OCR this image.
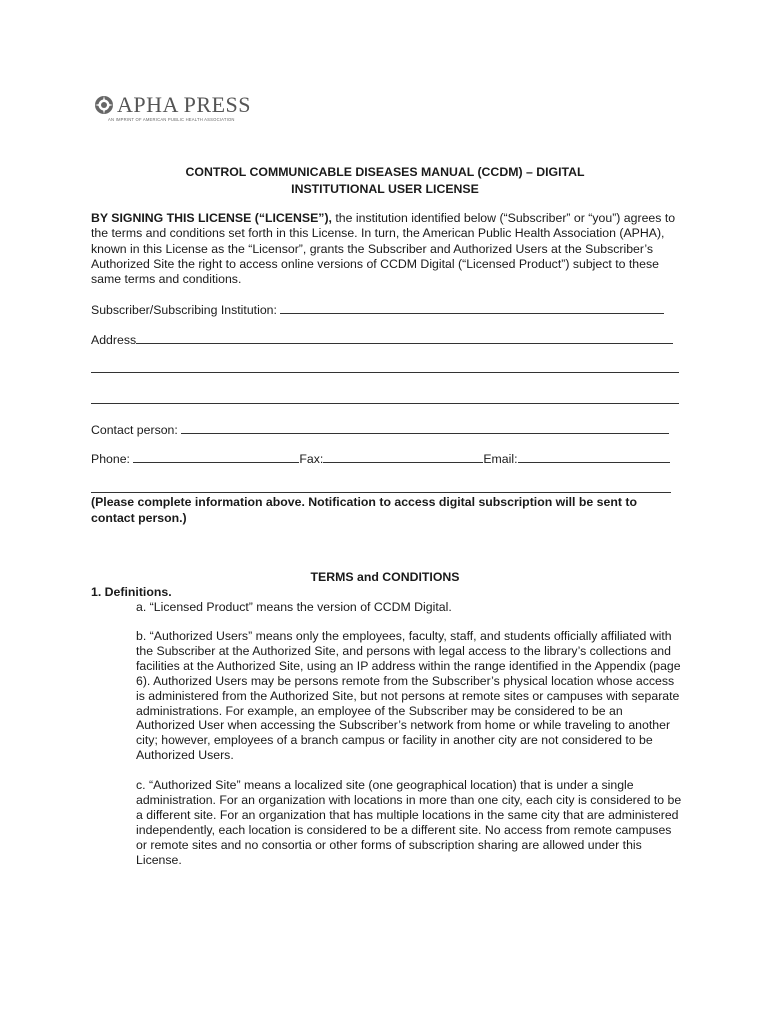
APHA PRESS
AN IMPRINT OF AMERICAN PUBLIC HEALTH ASSOCIATION
CONTROL COMMUNICABLE DISEASES MANUAL (CCDM) – DIGITAL
INSTITUTIONAL USER LICENSE
BY SIGNING THIS LICENSE (“LICENSE”), the institution identified below (“Subscriber” or “you”) agrees to the terms and conditions set forth in this License. In turn, the American Public Health Association (APHA), known in this License as the “Licensor”, grants the Subscriber and Authorized Users at the Subscriber’s Authorized Site the right to access online versions of CCDM Digital (“Licensed Product”) subject to these same terms and conditions.
Subscriber/Subscribing Institution:
Address
Contact person:
Phone:	Fax:	Email:
(Please complete information above. Notification to access digital subscription will be sent to contact person.)
TERMS and CONDITIONS
1. Definitions.
a. “Licensed Product” means the version of CCDM Digital.
b. “Authorized Users” means only the employees, faculty, staff, and students officially affiliated with the Subscriber at the Authorized Site, and persons with legal access to the library’s collections and facilities at the Authorized Site, using an IP address within the range identified in the Appendix (page 6). Authorized Users may be persons remote from the Subscriber’s physical location whose access is administered from the Authorized Site, but not persons at remote sites or campuses with separate administrations. For example, an employee of the Subscriber may be considered to be an Authorized User when accessing the Subscriber’s network from home or while traveling to another city; however, employees of a branch campus or facility in another city are not considered to be Authorized Users.
c. “Authorized Site” means a localized site (one geographical location) that is under a single administration. For an organization with locations in more than one city, each city is considered to be a different site. For an organization that has multiple locations in the same city that are administered independently, each location is considered to be a different site. No access from remote campuses or remote sites and no consortia or other forms of subscription sharing are allowed under this License.
